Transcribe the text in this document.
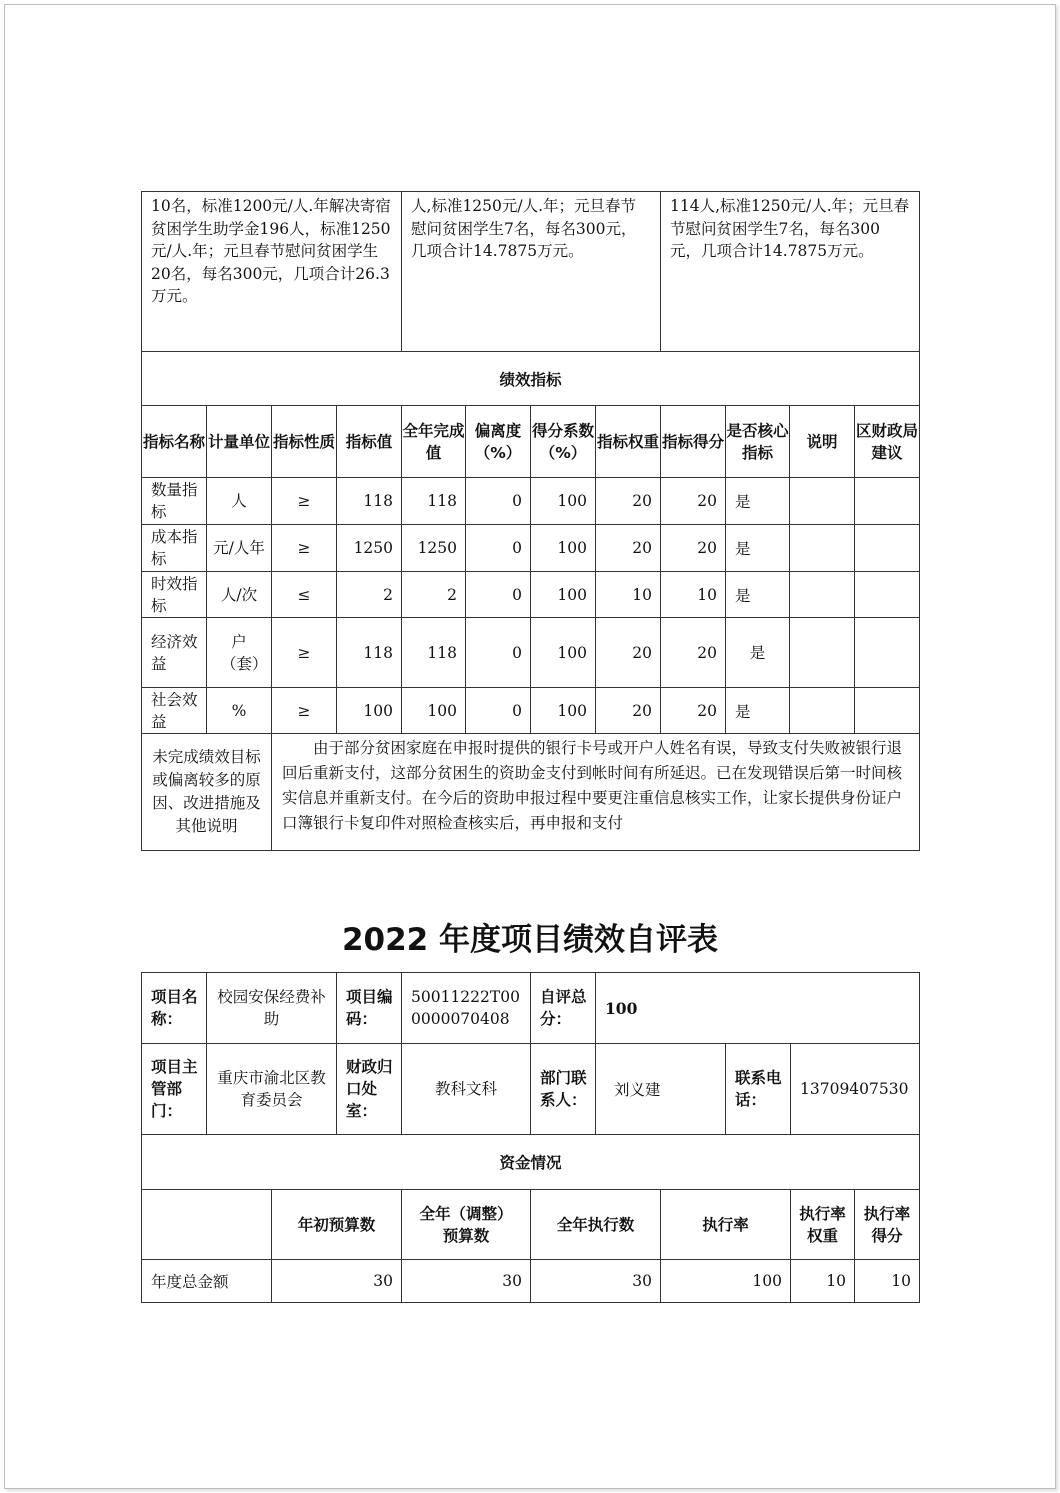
10名，标准1200元/人.年解决寄宿贫困学生助学金196人，标准1250元/人.年；元旦春节慰问贫困学生20名，每名300元，几项合计26.3万元。				人,标准1250元/人.年；元旦春节慰问贫困学生7名，每名300元，几项合计14.7875万元。				114人,标准1250元/人.年；元旦春节慰问贫困学生7名，每名300元，几项合计14.7875万元。			
绩效指标											
指标名称	计量单位	指标性质	指标值	全年完成值	偏离度（%）	得分系数（%）	指标权重	指标得分	是否核心指标	说明	区财政局建议
数量指标	人	≥	118	118	0	100	20	20	是		
成本指标	元/人年	≥	1250	1250	0	100	20	20	是		
时效指标	人/次	≤	2	2	0	100	10	10	是		
经济效益	户（套）	≥	118	118	0	100	20	20	是		
社会效益	%	≥	100	100	0	100	20	20	是		
未完成绩效目标或偏离较多的原因、改进措施及其他说明		由于部分贫困家庭在申报时提供的银行卡号或开户人姓名有误，导致支付失败被银行退回后重新支付，这部分贫困生的资助金支付到帐时间有所延迟。已在发现错误后第一时间核实信息并重新支付。在今后的资助申报过程中要更注重信息核实工作，让家长提供身份证户口簿银行卡复印件对照检查核实后，再申报和支付									
2022 年度项目绩效自评表
项目名称：	校园安保经费补助	项目编码：	50011222T000000070408	自评总分：	100		
项目主管部门：	重庆市渝北区教育委员会	财政归口处室：	教科文科	部门联系人：	刘义建	联系电话：	13709407530
资金情况						
	年初预算数	全年（调整）预算数	全年执行数	执行率	执行率权重	执行率得分
年度总金额	30	30	30	100	10	10
